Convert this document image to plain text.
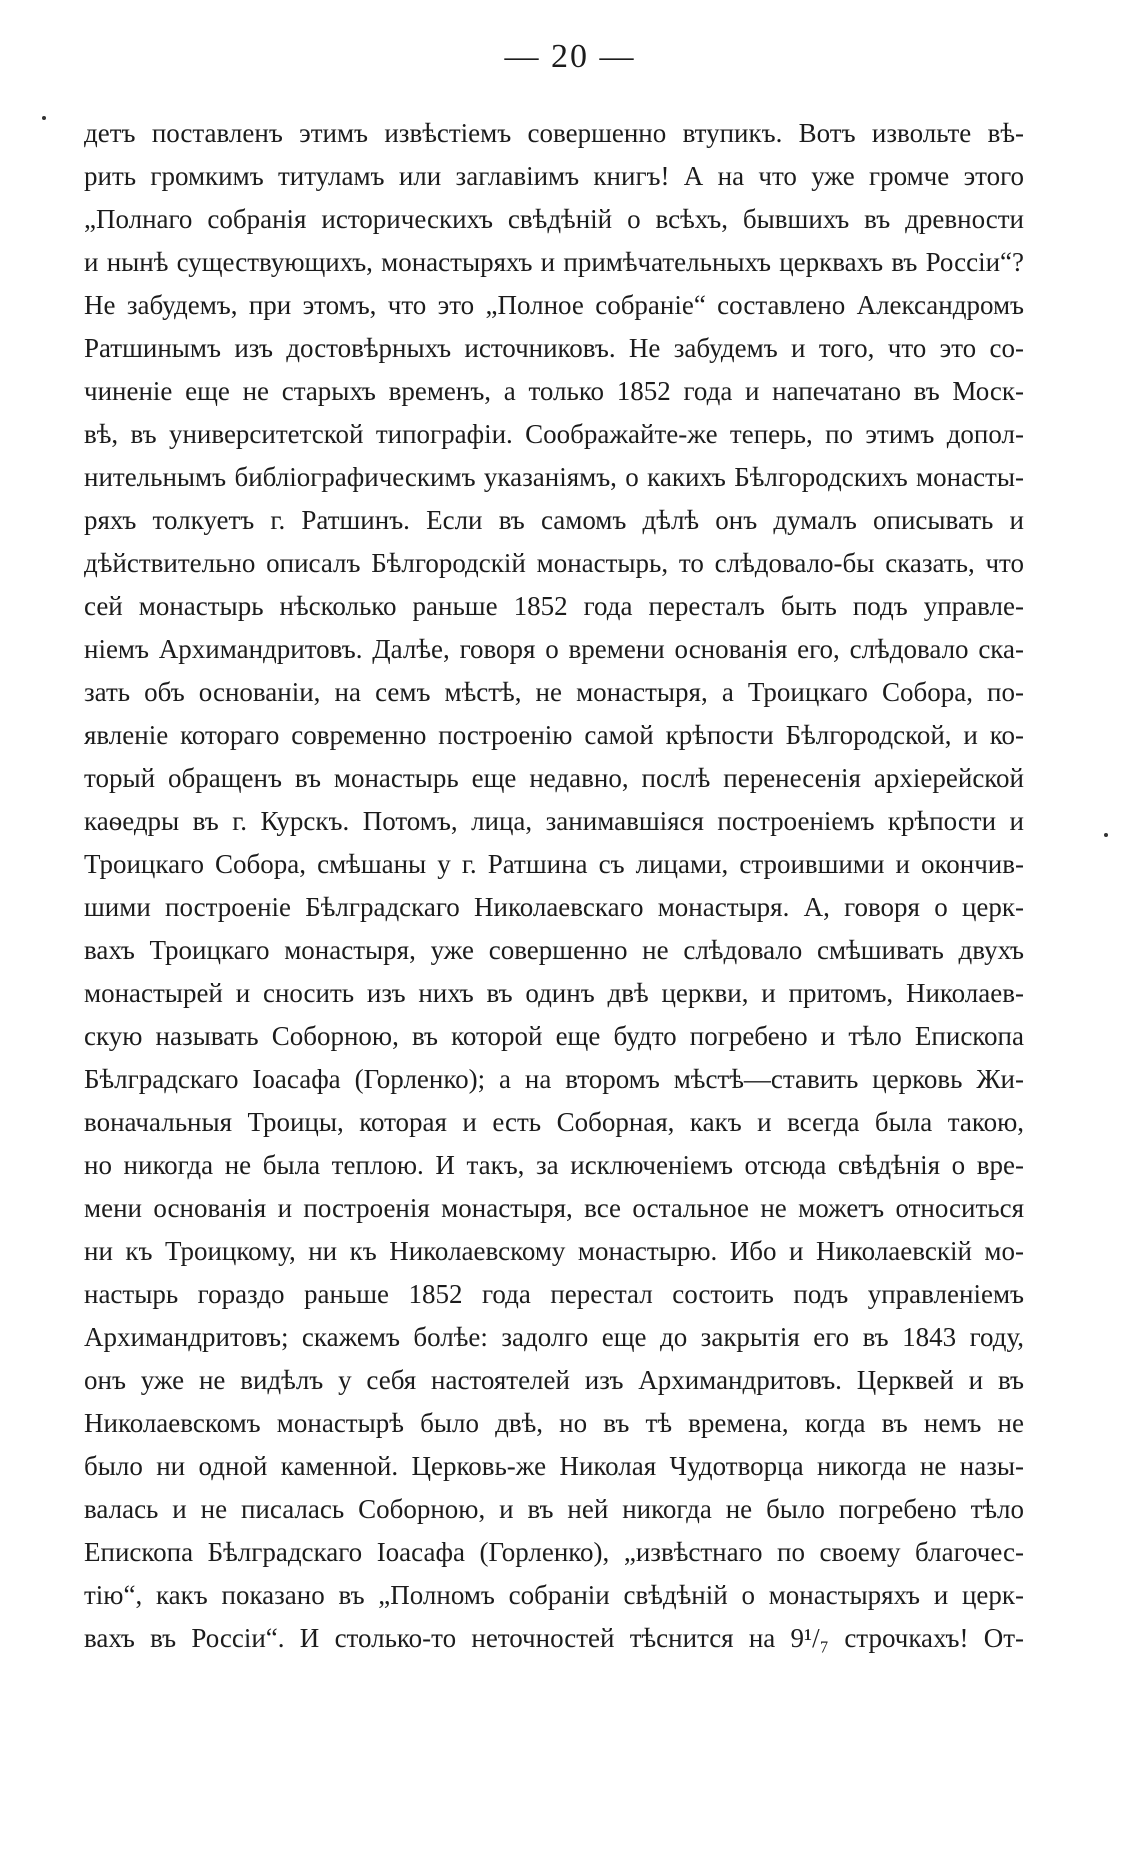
— 20 —
детъ поставленъ этимъ извѣстіемъ совершенно втупикъ. Вотъ извольте вѣ-
рить громкимъ титуламъ или заглавіимъ книгъ! А на что уже громче этого
„Полнаго собранія историческихъ свѣдѣній о всѣхъ, бывшихъ въ древности
и нынѣ существующихъ, монастыряхъ и примѣчательныхъ церквахъ въ Россіи“?
Не забудемъ, при этомъ, что это „Полное собраніе“ составлено Александромъ
Ратшинымъ изъ достовѣрныхъ источниковъ. Не забудемъ и того, что это со-
чиненіе еще не старыхъ временъ, а только 1852 года и напечатано въ Моск-
вѣ, въ университетской типографіи. Соображайте-же теперь, по этимъ допол-
нительнымъ библіографическимъ указаніямъ, о какихъ Бѣлгородскихъ монасты-
ряхъ толкуетъ г. Ратшинъ. Если въ самомъ дѣлѣ онъ думалъ описывать и
дѣйствительно описалъ Бѣлгородскій монастырь, то слѣдовало-бы сказать, что
сей монастырь нѣсколько раньше 1852 года пересталъ быть подъ управле-
ніемъ Архимандритовъ. Далѣе, говоря о времени основанія его, слѣдовало ска-
зать объ основаніи, на семъ мѣстѣ, не монастыря, а Троицкаго Собора, по-
явленіе котораго современно построенію самой крѣпости Бѣлгородской, и ко-
торый обращенъ въ монастырь еще недавно, послѣ перенесенія архіерейской
каѳедры въ г. Курскъ. Потомъ, лица, занимавшіяся построеніемъ крѣпости и
Троицкаго Собора, смѣшаны у г. Ратшина съ лицами, строившими и окончив-
шими построеніе Бѣлградскаго Николаевскаго монастыря. А, говоря о церк-
вахъ Троицкаго монастыря, уже совершенно не слѣдовало смѣшивать двухъ
монастырей и сносить изъ нихъ въ одинъ двѣ церкви, и притомъ, Николаев-
скую называть Соборною, въ которой еще будто погребено и тѣло Епископа
Бѣлградскаго Іоасафа (Горленко); а на второмъ мѣстѣ—ставить церковь Жи-
воначальныя Троицы, которая и есть Соборная, какъ и всегда была такою,
но никогда не была теплою. И такъ, за исключеніемъ отсюда свѣдѣнія о вре-
мени основанія и построенія монастыря, все остальное не можетъ относиться
ни къ Троицкому, ни къ Николаевскому монастырю. Ибо и Николаевскій мо-
настырь гораздо раньше 1852 года перестал состоить подъ управленіемъ
Архимандритовъ; скажемъ болѣе: задолго еще до закрытія его въ 1843 году,
онъ уже не видѣлъ у себя настоятелей изъ Архимандритовъ. Церквей и въ
Николаевскомъ монастырѣ было двѣ, но въ тѣ времена, когда въ немъ не
было ни одной каменной. Церковь-же Николая Чудотворца никогда не назы-
валась и не писалась Соборною, и въ ней никогда не было погребено тѣло
Епископа Бѣлградскаго Іоасафа (Горленко), „извѣстнаго по своему благочес-
тію“, какъ показано въ „Полномъ собраніи свѣдѣній о монастыряхъ и церк-
вахъ въ Россіи“. И столько-то неточностей тѣснится на 9¹/₇ строчкахъ! От-
